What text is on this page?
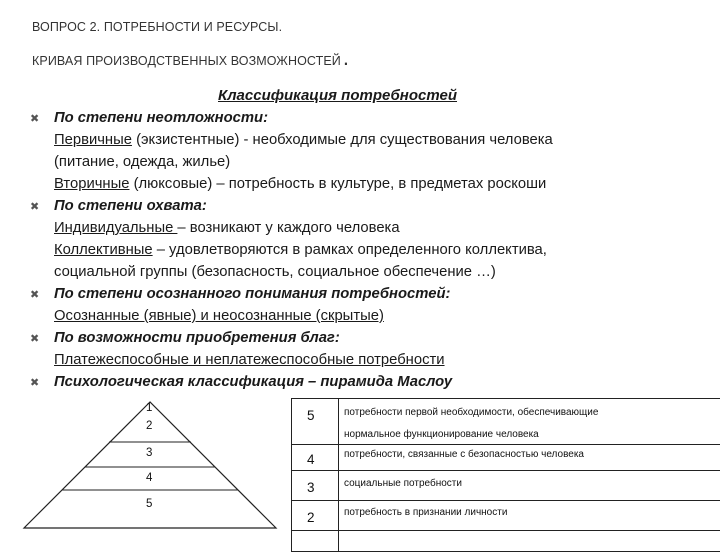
ВОПРОС 2. ПОТРЕБНОСТИ И РЕСУРСЫ.
КРИВАЯ ПРОИЗВОДСТВЕННЫХ ВОЗМОЖНОСТЕЙ.
Классификация потребностей
✖
✖
✖
✖
✖
По степени неотложности:
Первичные (экзистентные) - необходимые для существования человека
(питание, одежда, жилье)
Вторичные (люксовые) – потребность в культуре, в предметах роскоши
По степени охвата:
Индивидуальные – возникают у каждого человека
Коллективные – удовлетворяются в рамках определенного коллектива,
социальной группы (безопасность, социальное обеспечение …)
По степени осознанного понимания потребностей:
Осознанные (явные) и неосознанные (скрытые)
По возможности приобретения благ:
Платежеспособные и неплатежеспособные потребности
Психологическая классификация – пирамида Маслоу
1
2
3
4
5
5	потребности первой необходимости, обеспечивающие
нормальное функционирование человека
4	потребности, связанные с безопасностью человека
3	социальные потребности
2	потребность в признании личности
